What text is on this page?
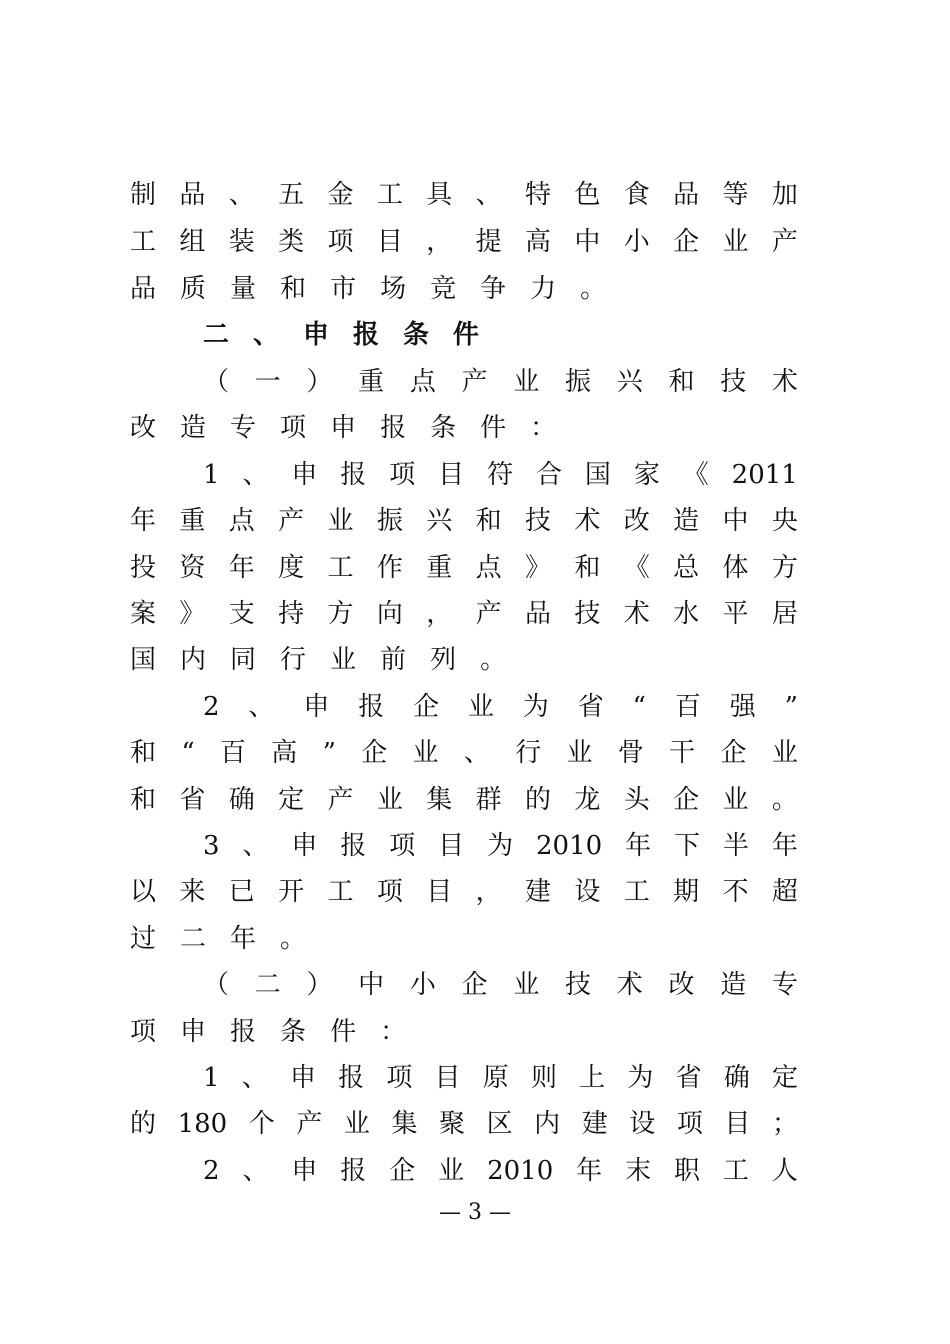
制 品 、 五 金 工 具 、 特 色 食 品 等 加
工 组 装 类 项 目 ， 提 高 中 小 企 业 产
品 质 量 和 市 场 竞 争 力 。
二 、 申 报 条 件
（ 一 ） 重 点 产 业 振 兴 和 技 术
改 造 专 项 申 报 条 件 ：
1 、 申 报 项 目 符 合 国 家 《 2011
年 重 点 产 业 振 兴 和 技 术 改 造 中 央
投 资 年 度 工 作 重 点 》 和 《 总 体 方
案 》 支 持 方 向 ， 产 品 技 术 水 平 居
国 内 同 行 业 前 列 。
2 、 申 报 企 业 为 省 “ 百 强 ”
和 “ 百 高 ” 企 业 、 行 业 骨 干 企 业
和 省 确 定 产 业 集 群 的 龙 头 企 业 。
3 、 申 报 项 目 为 2010 年 下 半 年
以 来 已 开 工 项 目 ， 建 设 工 期 不 超
过 二 年 。
（ 二 ） 中 小 企 业 技 术 改 造 专
项 申 报 条 件 ：
1 、 申 报 项 目 原 则 上 为 省 确 定
的 180 个 产 业 集 聚 区 内 建 设 项 目 ；
2 、 申 报 企 业 2010 年 末 职 工 人
— 3 —
